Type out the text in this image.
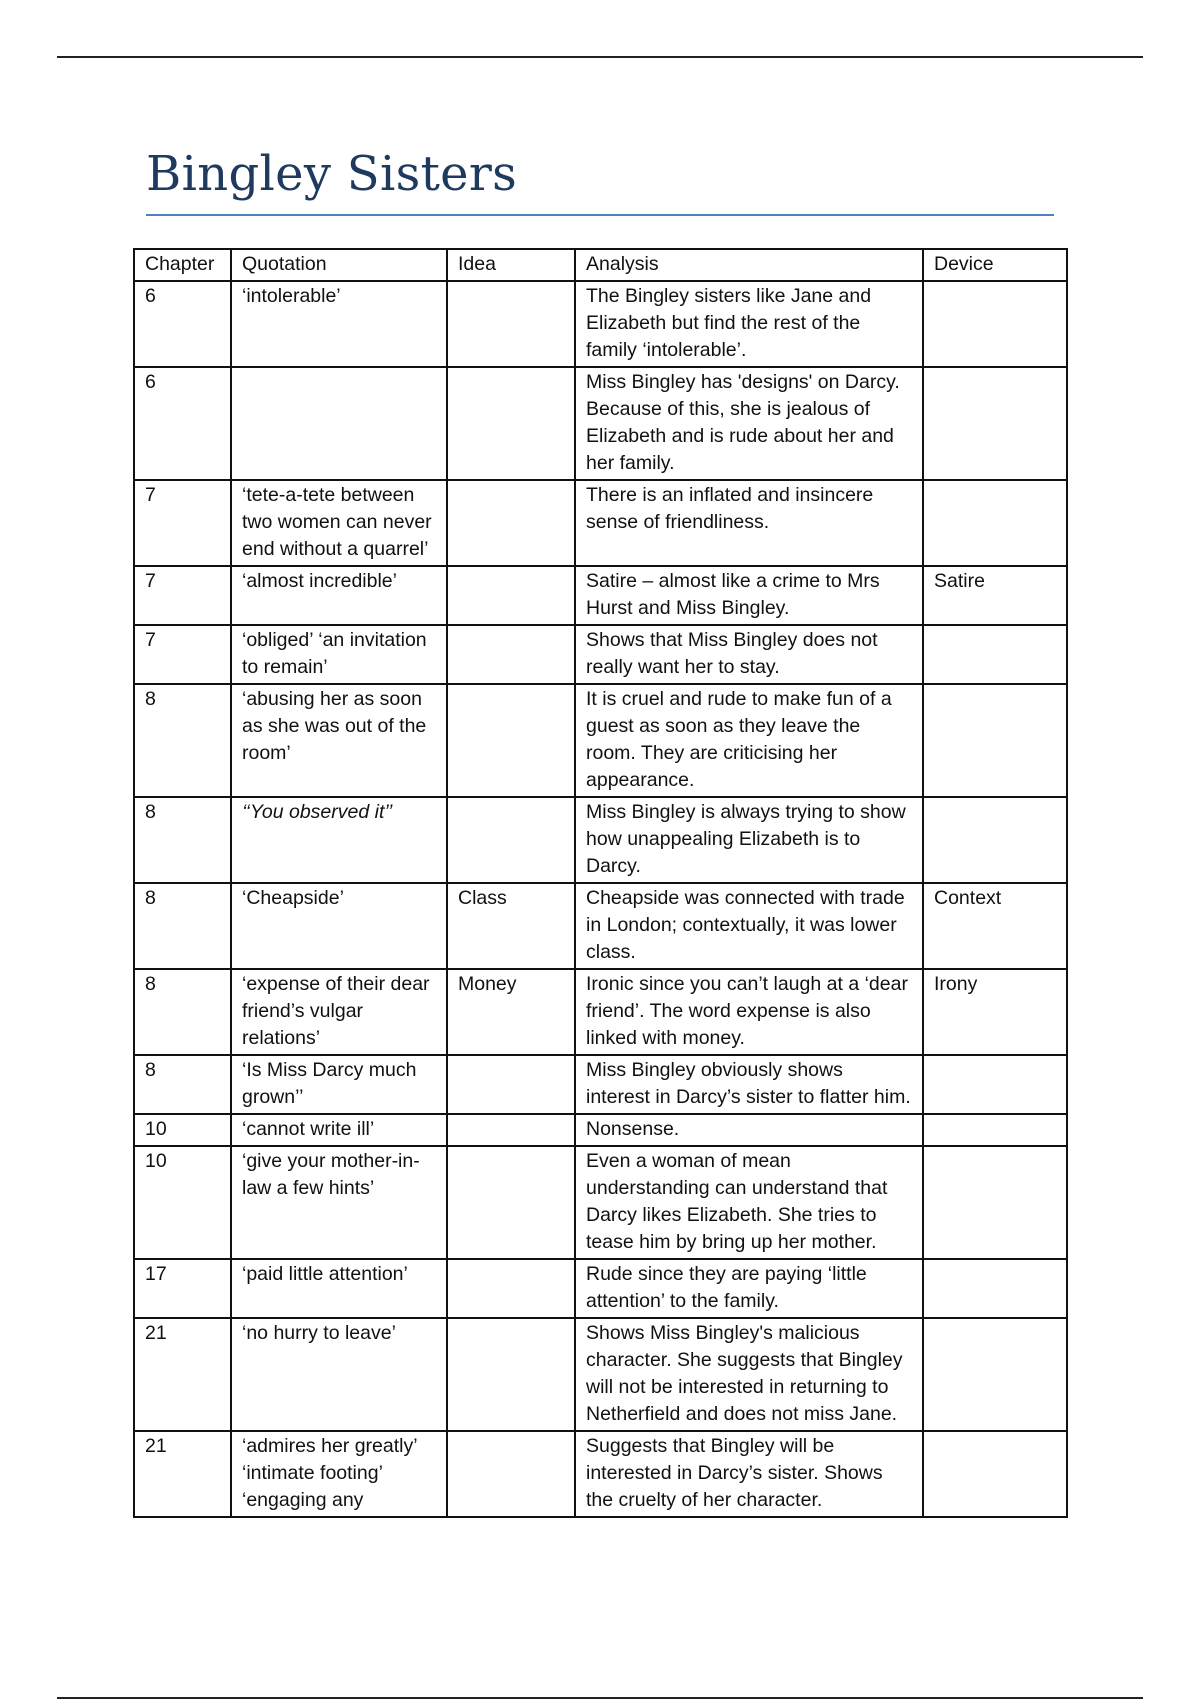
Bingley Sisters
Chapter	Quotation	Idea	Analysis	Device
6	‘intolerable’		The Bingley sisters like Jane and Elizabeth but find the rest of the family ‘intolerable’.	
6			Miss Bingley has 'designs' on Darcy. Because of this, she is jealous of Elizabeth and is rude about her and her family.	
7	‘tete-a-tete between two women can never end without a quarrel’		There is an inflated and insincere sense of friendliness.	
7	‘almost incredible’		Satire – almost like a crime to Mrs Hurst and Miss Bingley.	Satire
7	‘obliged’ ‘an invitation to remain’		Shows that Miss Bingley does not really want her to stay.	
8	‘abusing her as soon as she was out of the room’		It is cruel and rude to make fun of a guest as soon as they leave the room. They are criticising her appearance.	
8	‘‘You observed it’’		Miss Bingley is always trying to show how unappealing Elizabeth is to Darcy.	
8	‘Cheapside’	Class	Cheapside was connected with trade in London; contextually, it was lower class.	Context
8	‘expense of their dear friend’s vulgar relations’	Money	Ironic since you can’t laugh at a ‘dear friend’. The word expense is also linked with money.	Irony
8	‘Is Miss Darcy much grown’’		Miss Bingley obviously shows interest in Darcy’s sister to flatter him.	
10	‘cannot write ill’		Nonsense.	
10	‘give your mother-in-law a few hints’		Even a woman of mean understanding can understand that Darcy likes Elizabeth. She tries to tease him by bring up her mother.	
17	‘paid little attention’		Rude since they are paying ‘little attention’ to the family.	
21	‘no hurry to leave’		Shows Miss Bingley's malicious character. She suggests that Bingley will not be interested in returning to Netherfield and does not miss Jane.	
21	‘admires her greatly’ ‘intimate footing’ ‘engaging any		Suggests that Bingley will be interested in Darcy’s sister. Shows the cruelty of her character.	
